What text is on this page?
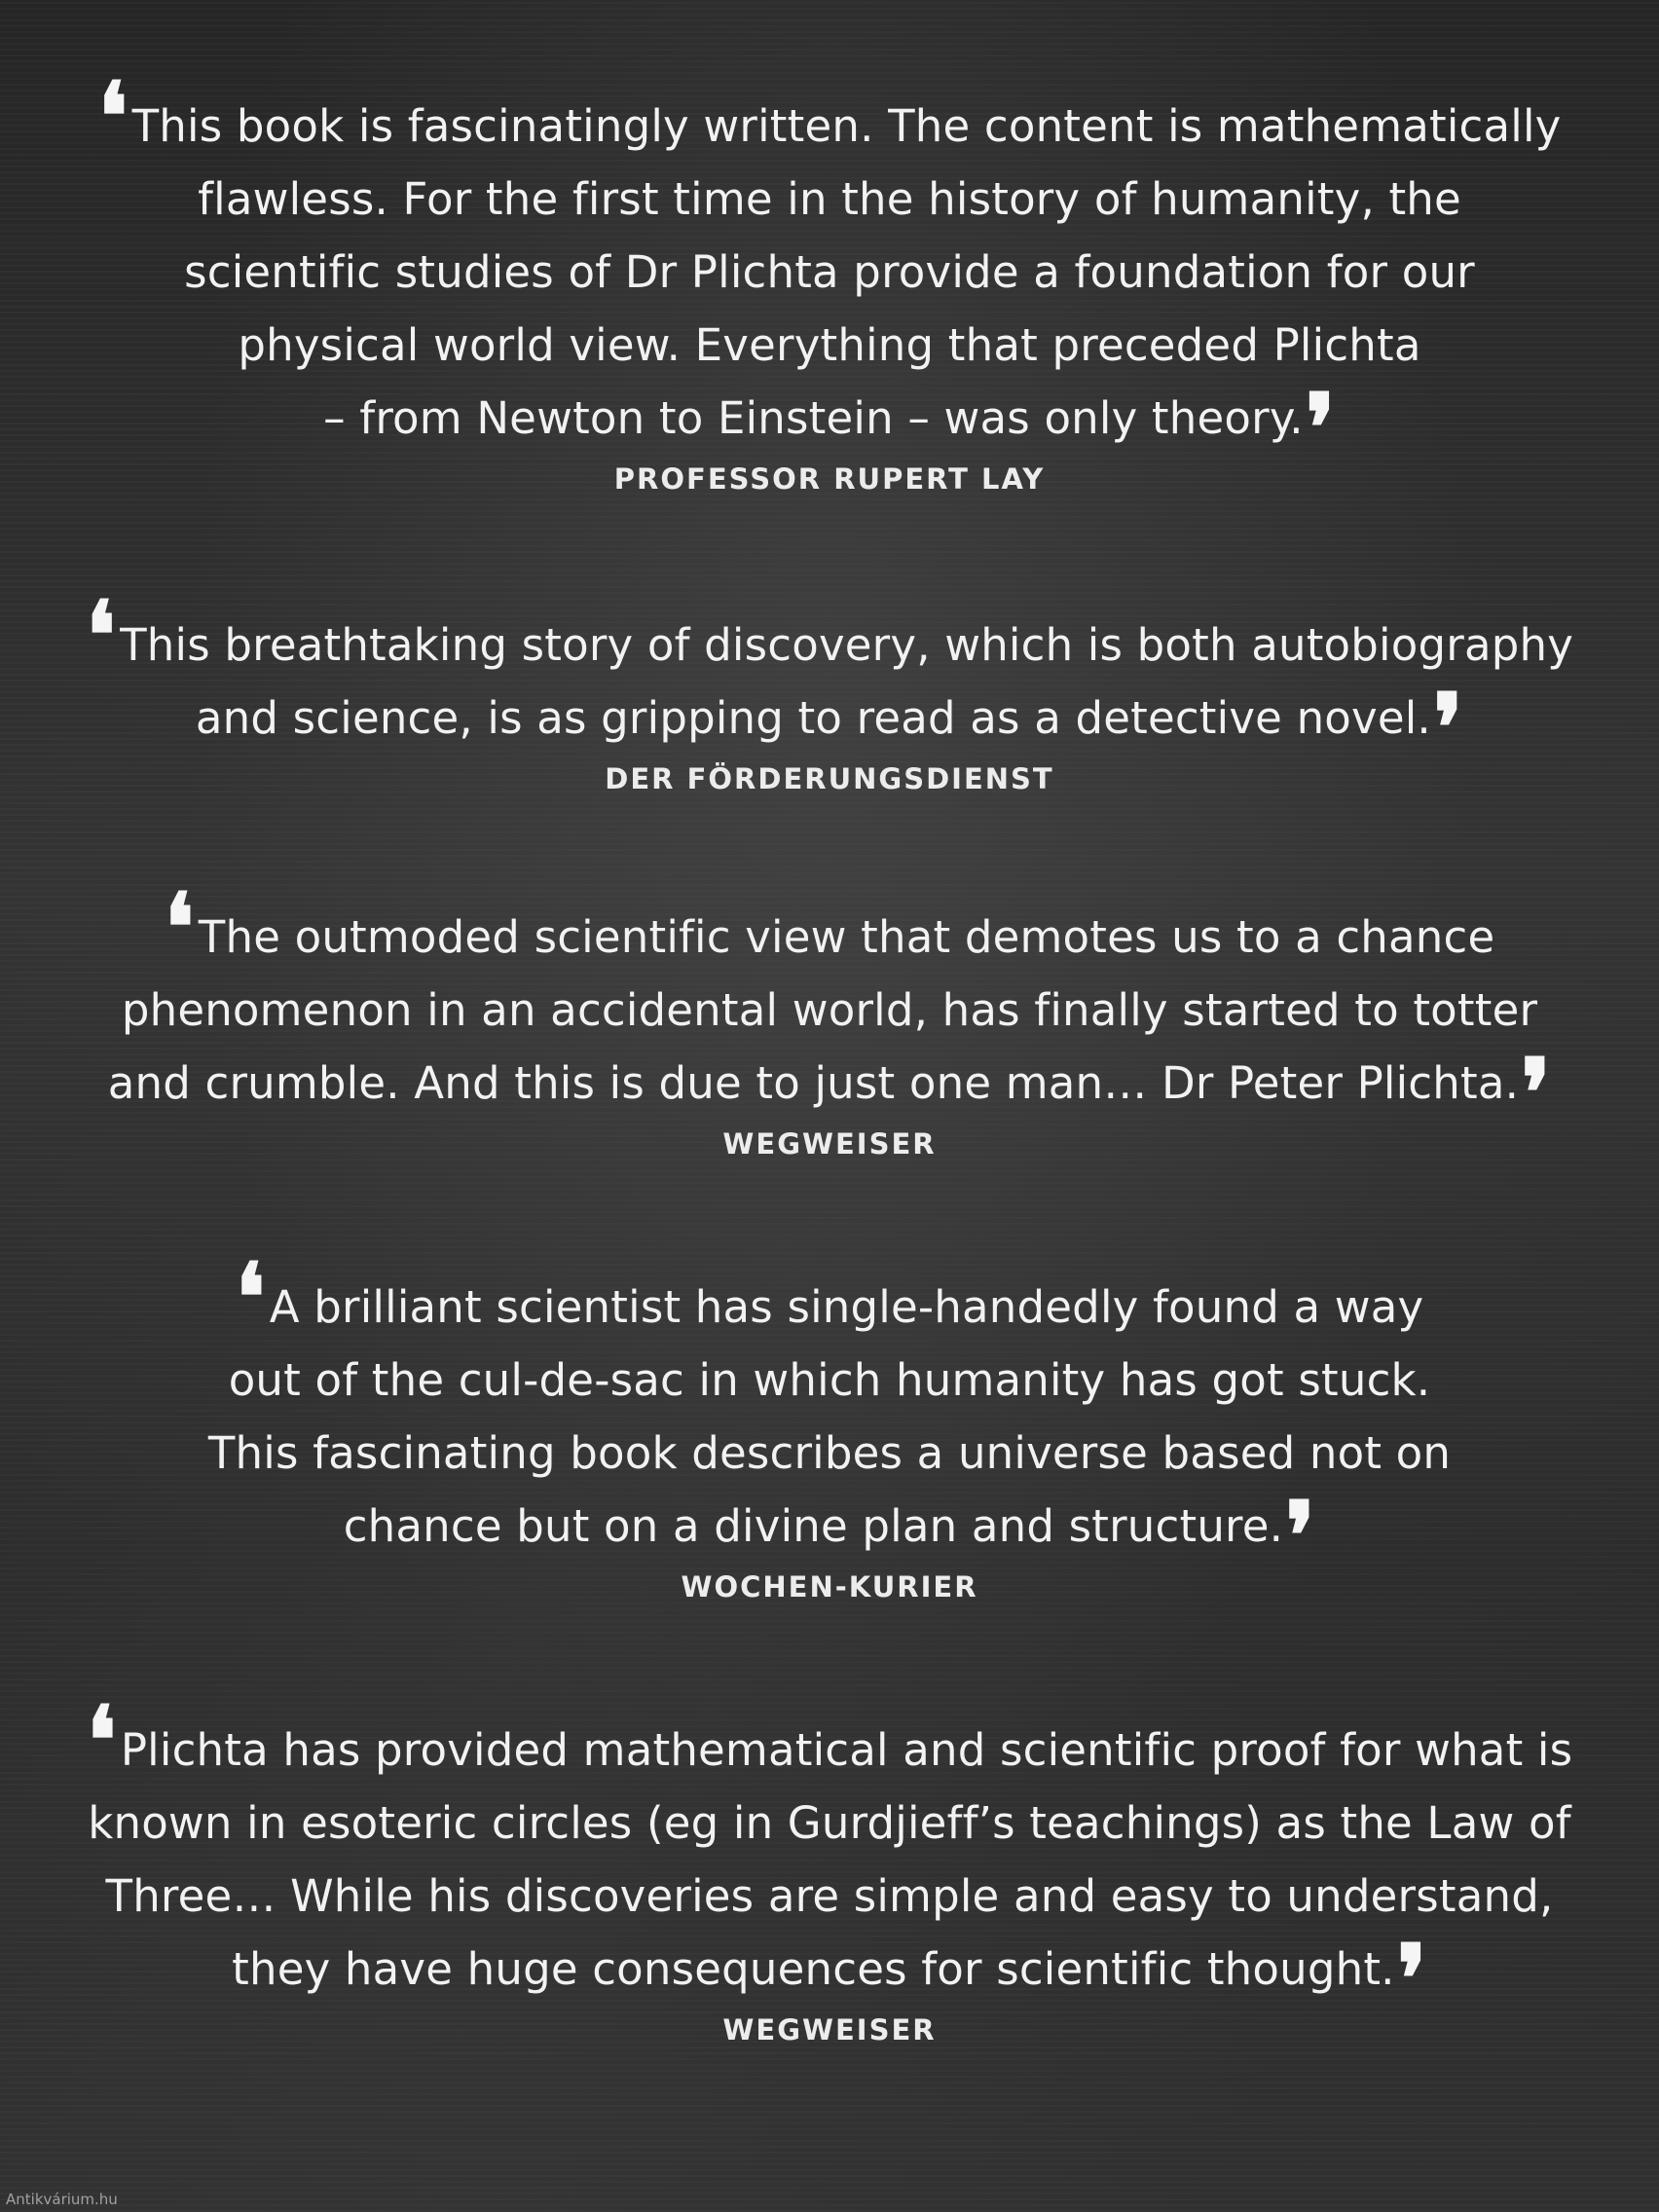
❛This book is fascinatingly written. The content is mathematically
flawless. For the first time in the history of humanity, the
scientific studies of Dr Plichta provide a foundation for our
physical world view. Everything that preceded Plichta
– from Newton to Einstein – was only theory.❜

PROFESSOR RUPERT LAY

❛This breathtaking story of discovery, which is both autobiography
and science, is as gripping to read as a detective novel.❜

DER FÖRDERUNGSDIENST

❛The outmoded scientific view that demotes us to a chance
phenomenon in an accidental world, has finally started to totter
and crumble. And this is due to just one man… Dr Peter Plichta.❜

WEGWEISER

❛A brilliant scientist has single-handedly found a way
out of the cul-de-sac in which humanity has got stuck.
This fascinating book describes a universe based not on
chance but on a divine plan and structure.❜

WOCHEN-KURIER

❛Plichta has provided mathematical and scientific proof for what is
known in esoteric circles (eg in Gurdjieff’s teachings) as the Law of
Three… While his discoveries are simple and easy to understand,
they have huge consequences for scientific thought.❜

WEGWEISER

Antikvárium.hu
